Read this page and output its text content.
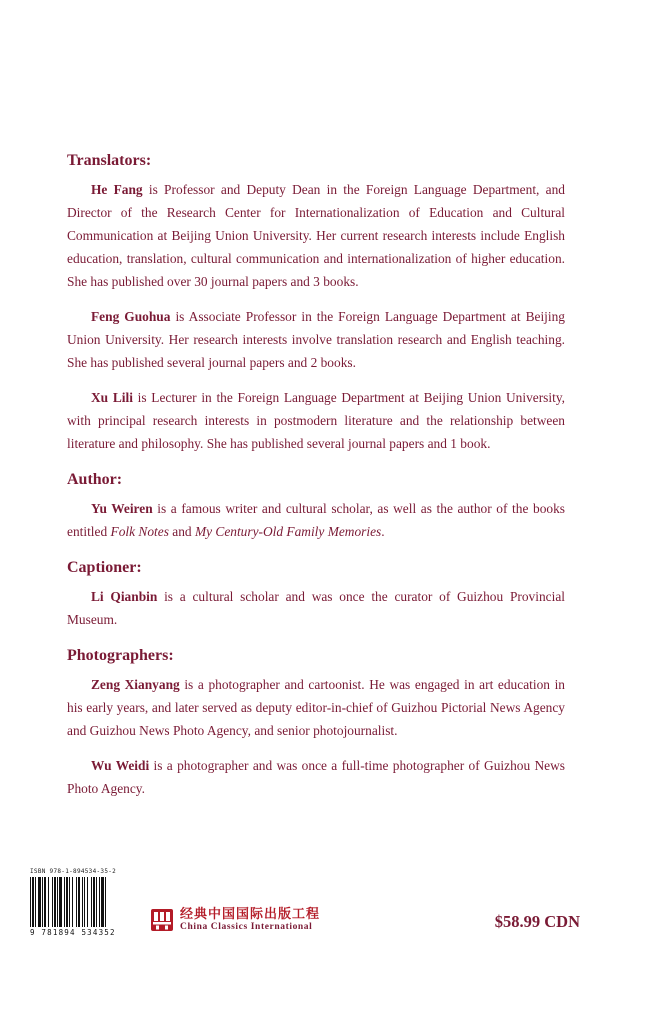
Translators:

He Fang is Professor and Deputy Dean in the Foreign Language Department, and Director of the Research Center for Internationalization of Education and Cultural Communication at Beijing Union University. Her current research interests include English education, translation, cultural communication and internationalization of higher education. She has published over 30 journal papers and 3 books.

Feng Guohua is Associate Professor in the Foreign Language Department at Beijing Union University. Her research interests involve translation research and English teaching. She has published several journal papers and 2 books.

Xu Lili is Lecturer in the Foreign Language Department at Beijing Union University, with principal research interests in postmodern literature and the relationship between literature and philosophy. She has published several journal papers and 1 book.

Author:

Yu Weiren is a famous writer and cultural scholar, as well as the author of the books entitled Folk Notes and My Century-Old Family Memories.

Captioner:

Li Qianbin is a cultural scholar and was once the curator of Guizhou Provincial Museum.

Photographers:

Zeng Xianyang is a photographer and cartoonist. He was engaged in art education in his early years, and later served as deputy editor-in-chief of Guizhou Pictorial News Agency and Guizhou News Photo Agency, and senior photojournalist.

Wu Weidi is a photographer and was once a full-time photographer of Guizhou News Photo Agency.

ISBN 978-1-894534-35-2
9 781894 534352
经典中国国际出版工程
China Classics International	$58.99 CDN
